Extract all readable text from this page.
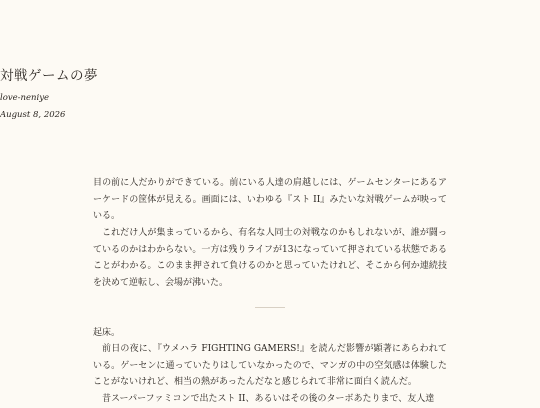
対戦ゲームの夢
love-neniye
August 8, 2026

目の前に人だかりができている。前にいる人達の肩越しには、ゲームセンターにあるアーケードの筐体が見える。画面には、いわゆる『スト II』みたいな対戦ゲームが映っている。

これだけ人が集まっているから、有名な人同士の対戦なのかもしれないが、誰が闘っているのかはわからない。一方は残りライフが13になっていて押されている状態であることがわかる。このまま押されて負けるのかと思っていたけれど、そこから何か連続技を決めて逆転し、会場が沸いた。

起床。

前日の夜に、『ウメハラ FIGHTING GAMERS!』を読んだ影響が顕著にあらわれている。ゲーセンに通っていたりはしていなかったので、マンガの中の空気感は体験したことがないけれど、相当の熱があったんだなと感じられて非常に面白く読んだ。

昔スーパーファミコンで出たスト II、あるいはその後のターボあたりまで、友人達
